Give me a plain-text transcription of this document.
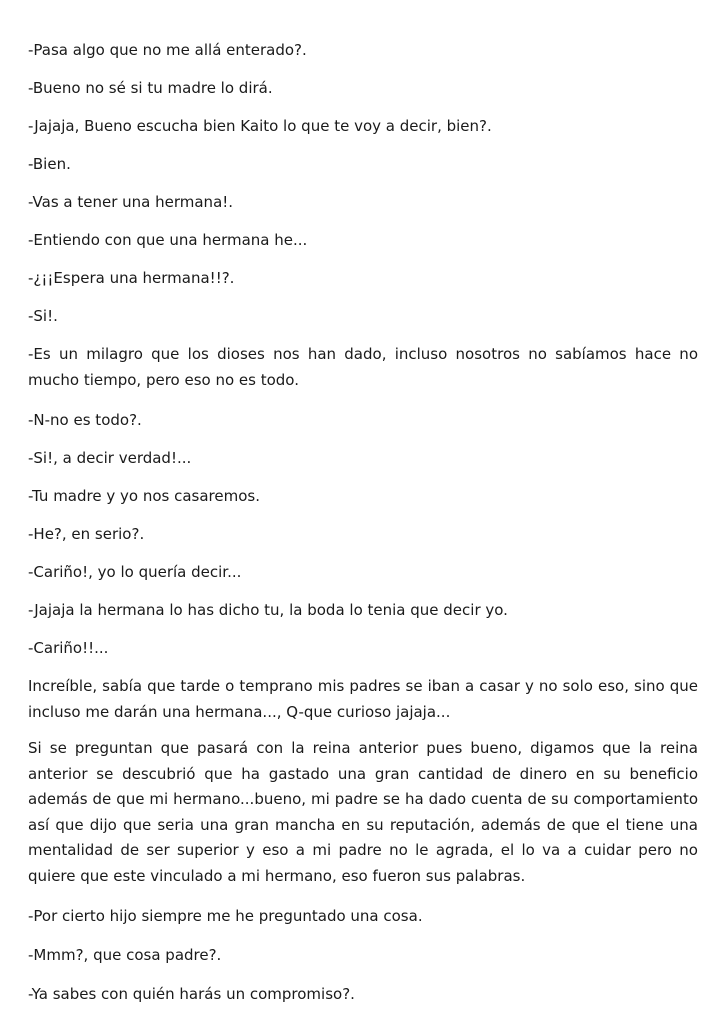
-Pasa algo que no me allá enterado?.
-Bueno no sé si tu madre lo dirá.
-Jajaja, Bueno escucha bien Kaito lo que te voy a decir, bien?.
-Bien.
-Vas a tener una hermana!.
-Entiendo con que una hermana he...
-¿¡¡Espera una hermana!!?.
-Si!.
-Es un milagro que los dioses nos han dado, incluso nosotros no sabíamos hace no mucho tiempo, pero eso no es todo.
-N-no es todo?.
-Si!, a decir verdad!...
-Tu madre y yo nos casaremos.
-He?, en serio?.
-Cariño!, yo lo quería decir...
-Jajaja la hermana lo has dicho tu, la boda lo tenia que decir yo.
-Cariño!!...
Increíble, sabía que tarde o temprano mis padres se iban a casar y no solo eso, sino que incluso me darán una hermana..., Q-que curioso jajaja...
Si se preguntan que pasará con la reina anterior pues bueno, digamos que la reina anterior se descubrió que ha gastado una gran cantidad de dinero en su beneficio además de que mi hermano...bueno, mi padre se ha dado cuenta de su comportamiento así que dijo que seria una gran mancha en su reputación, además de que el tiene una mentalidad de ser superior y eso a mi padre no le agrada, el lo va a cuidar pero no quiere que este vinculado a mi hermano, eso fueron sus palabras.
-Por cierto hijo siempre me he preguntado una cosa.
-Mmm?, que cosa padre?.
-Ya sabes con quién harás un compromiso?.
